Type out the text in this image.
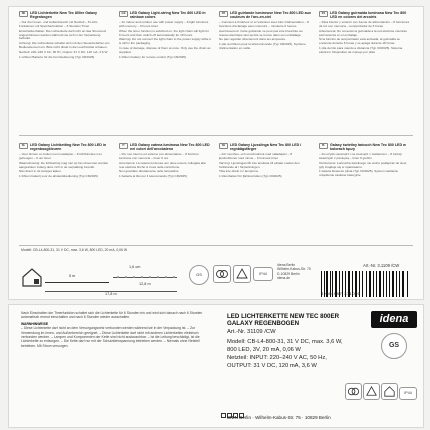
DE	LED Lichterkette New Tec 800er Galaxy Regenbogen
– Nur drei Innen- und Außenbereich mit Netzteil – 8 Licht-Funktionen mit Speicherfunktion – 6 Stunden Timer
Einschaltverhalten: Die Lichterkette darf nicht an das Stromnetz angeschlossen werden während sie sich in der Verpackung befindet.
Achtung: Die Lichterkette schaltet sich mit den Steuerbefehlen am Bedienelement ein. Bitte nicht direkt in die Leuchtmittel schauen.
Netzteil: 220–240 V AC, 50 Hz, Output: 31 V DC, 120 mA, 3,6 W
1 Lithium Batterie für die Fernbedienung (Typ CR2025)
GB	LED Galaxy Light-string New Tec 800 LED in rainbow colors
– for indoor and outdoor use with power supply – 8 light functions with memory – 6 hours timer
When the timer function is switched on, the light chain will light for 6 hours and then switch off automatically for 18 hours.
Warning: Do not connect the light chain to the power supply while it is still in the packaging.
In case of damage, dispose of them at once. Only use the chain as supplied.
1 lithium battery for remote control (Typ CR2025)
FR	LED guirlande lumineuse New Tec 800 LED aux couleurs de l'arc-en-ciel
– Convient à l'intérieur et à l'extérieur avec bloc d'alimentation – 8 fonctions d'éclairage avec mémoire – minuterie 6 heures
Avertissement: Cette guirlande ne peut pas être branchée au réseau électrique tant qu'elle se trouve dans son emballage.
Ne pas regarder directement dans les ampoules.
1 pile au lithium pour la télécommande (Typ CR2025). Système d'alimentation en veille.
ES	LED Galaxy guirnalda luminosa New Tec 800 LED en colores del arcoiris
– Para interior y exterior con fuente de alimentación – 8 funciones de luz con memoria – temporizador de 6 horas
Advertencia: No conectar la guirnalda a la red eléctrica mientras permanezca en el embalaje.
Si la función de temporizador está activada, la guirnalda se enciende durante 6 horas y se apaga durante 18 horas.
1 pila de litio para mando a distancia (Typ CR2025). Sistema eléctrico: Dispositivo de manejo por pilas
NL	LED Galaxy Lichtketting New Tec 800 LED in regenboogkleuren
– Voor binnen en buiten met netadapter – 8 lichtfuncties met geheugen – 6 uur timer
Waarschuwing: De lichtketting mag niet op het stroomnet worden aangesloten zolang deze zich in de verpakking bevindt.
Niet direct in de lampjes kijken.
1 lithium batterij voor de afstandsbediening (Typ CR2025)
IT	LED Galaxy catena luminosa New Tec 800 LED nei colori dell'arcobaleno
– Per uso interno ed esterno con alimentatore – 8 funzioni luminose con memoria – timer 6 ore
Avvertenza: La catena luminosa non deve essere collegata alla rete elettrica finché si trova nella confezione.
Non guardare direttamente nelle lampadine.
1 batteria al litio per il telecomando (Typ CR2025)
SE	LED Galaxy Ljusslinga New Tec 800 LED i regnbågsfärger
– För inomhus- och utomhusbruk med nätadapter – 8 ljusfunktioner med minne – 6 timmars timer
Varning: Ljusslingan får inte anslutas till elnätet medan den fortfarande är i förpackningen.
Titta inte direkt in i lamporna.
1 litiumbatteri för fjärrkontrollen (Typ CR2025)
PL	Galaxy świetlny łańcuch New Tec 800 LED w kolorach tęczy
– Do użytku wewnątrz i na zewnątrz z zasilaczem – 8 funkcji świetlnych z pamięcią – timer 6 godzin
Ostrzeżenie: Łańcucha świetlnego nie wolno podłączać do sieci, gdy znajduje się w opakowaniu.
1 bateria litowa do pilota (Typ CR2025). System zasilania: urządzenie zasilane bateryjnie
Modell: CB-L4-800-31, 31 V DC, max. 3,6 W, 800 LED, 20 mA, 0,06 W
5 m
1,6 cm
12,8 m
17,8 m
GS	IP44
Idena Berlin
Wilhelm-Kabus-Str. 75
D-10829 Berlin
idena.de
Art.-Nr. 3.1109 /CW
4 064997 311095
Nach Einschalten der Timerfunktion schaltet sich die Lichterkette für 6 Stunden ein und wird sich danach nach 6 Stunden automatisch erneut einschalten und nach 6 Stunden wieder ausschalten.
WARNHINWEISE
– Diese Lichterkette darf nicht an dem Versorgungsnetz verbunden werden während sie in der Verpackung ist. – Zur Verwendung im Innen- und Außenbereich geeignet. – Diese Lichterkette darf nicht mit anderen Lichterketten elektrisch verbunden werden. – Lampen und Komponenten der Kette sind nicht austauschbar. – Ist die Leitung beschädigt, ist die Lichterkette zu entsorgen. – Die Kette darf nur mit der Schutzkleinspannung betrieben werden. – Niemals ohne Netzteil betrieben. Mit Strom versorgen.
LED LICHTERKETTE NEW TEC 800ER GALAXY REGENBOGEN
Art.-Nr. 31109 /CW
Modell: CB-L4-800-31, 31 V DC, max. 3,6 W,
800 LED, 3V, 20 mA, 0,06 W
Netzteil: INPUT: 220–240 V AC, 50 Hz,
OUTPUT: 31 V DC, 120 mA, 3,6 W
idena
GS
IP44
IDEN Berlin · Wilhelm-Kabus-Str. 75 · 10829 Berlin
